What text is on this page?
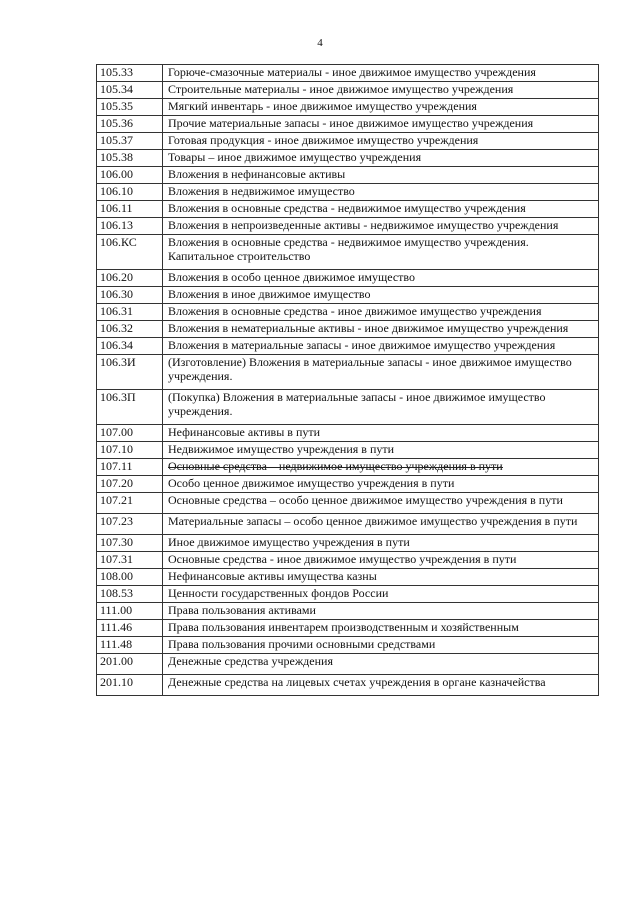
4
105.33	Горюче-смазочные материалы - иное движимое имущество учреждения
105.34	Строительные материалы - иное движимое имущество учреждения
105.35	Мягкий инвентарь - иное движимое имущество учреждения
105.36	Прочие материальные запасы - иное движимое имущество учреждения
105.37	Готовая продукция - иное движимое имущество учреждения
105.38	Товары – иное движимое имущество учреждения
106.00	Вложения в нефинансовые активы
106.10	Вложения в недвижимое имущество
106.11	Вложения в основные средства - недвижимое имущество учреждения
106.13	Вложения в непроизведенные активы - недвижимое имущество учреждения
106.КС	Вложения в основные средства - недвижимое имущество учреждения. Капитальное строительство
106.20	Вложения в особо ценное движимое имущество
106.30	Вложения в иное движимое имущество
106.31	Вложения в основные средства - иное движимое имущество учреждения
106.32	Вложения в нематериальные активы - иное движимое имущество учреждения
106.34	Вложения в материальные запасы - иное движимое имущество учреждения
106.3И	(Изготовление) Вложения в материальные запасы - иное движимое имущество учреждения.
106.3П	(Покупка) Вложения в материальные запасы - иное движимое имущество учреждения.
107.00	Нефинансовые активы в пути
107.10	Недвижимое имущество учреждения в пути
107.11	Основные средства – недвижимое имущество учреждения в пути
107.20	Особо ценное движимое имущество учреждения в пути
107.21	Основные средства – особо ценное движимое имущество учреждения в пути
107.23	Материальные запасы – особо ценное движимое имущество учреждения в пути
107.30	Иное движимое имущество учреждения в пути
107.31	Основные средства - иное движимое имущество учреждения в пути
108.00	Нефинансовые активы имущества казны
108.53	Ценности государственных фондов России
111.00	Права пользования активами
111.46	Права пользования инвентарем производственным и хозяйственным
111.48	Права пользования прочими основными средствами
201.00	Денежные средства учреждения
201.10	Денежные средства на лицевых счетах учреждения в органе казначейства
